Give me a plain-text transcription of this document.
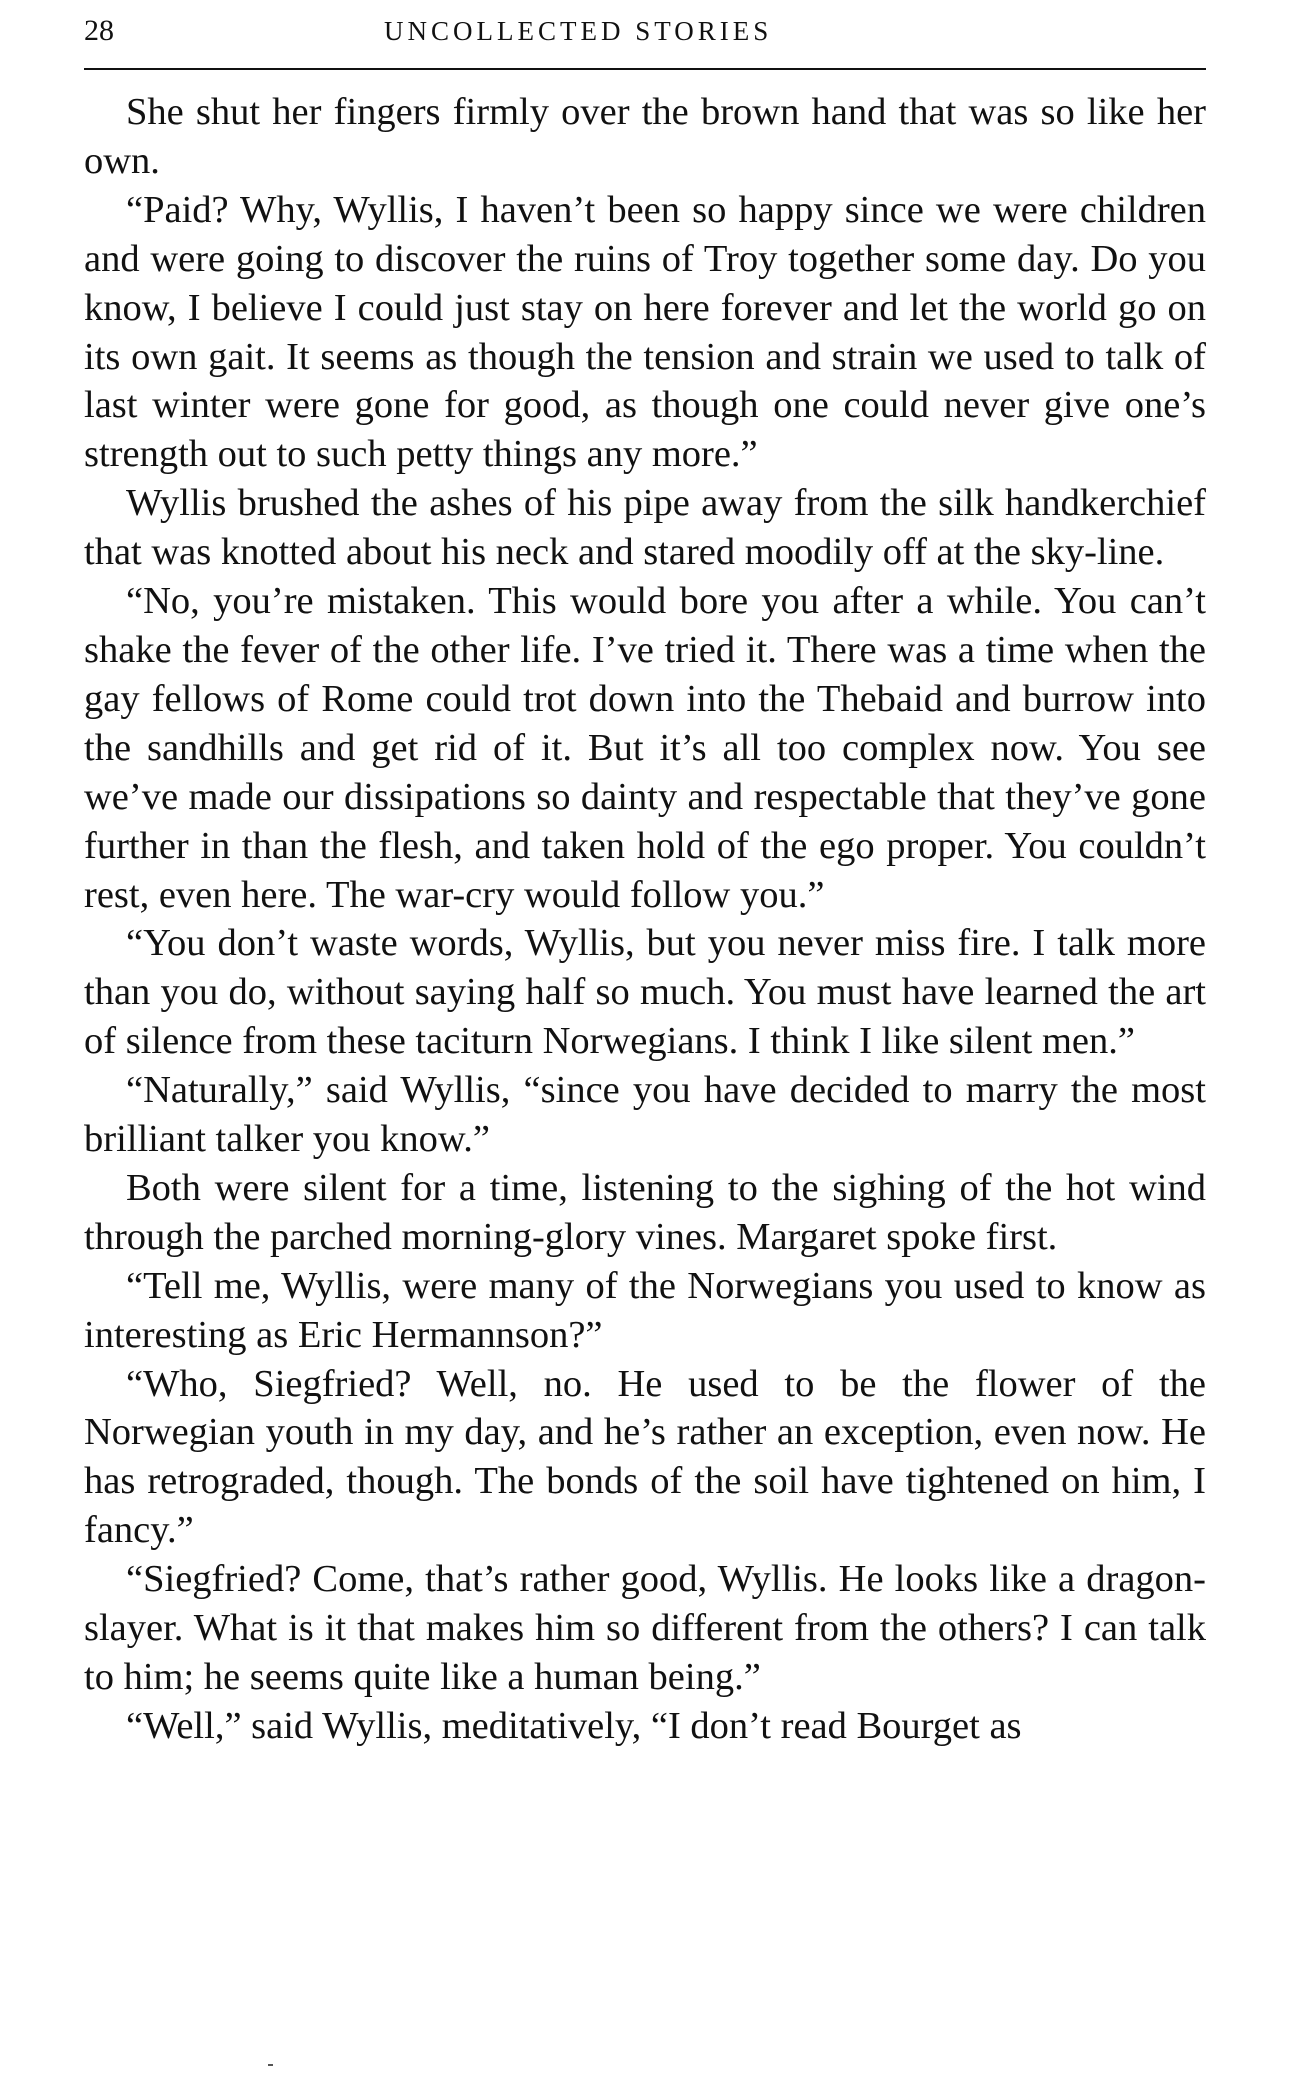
28	UNCOLLECTED STORIES

She shut her fingers firmly over the brown hand that was so like her own.

“Paid? Why, Wyllis, I haven’t been so happy since we were children and were going to discover the ruins of Troy together some day. Do you know, I believe I could just stay on here forever and let the world go on its own gait. It seems as though the tension and strain we used to talk of last winter were gone for good, as though one could never give one’s strength out to such petty things any more.”

Wyllis brushed the ashes of his pipe away from the silk handkerchief that was knotted about his neck and stared moodily off at the sky-line.

“No, you’re mistaken. This would bore you after a while. You can’t shake the fever of the other life. I’ve tried it. There was a time when the gay fellows of Rome could trot down into the Thebaid and burrow into the sandhills and get rid of it. But it’s all too complex now. You see we’ve made our dissipations so dainty and respectable that they’ve gone further in than the flesh, and taken hold of the ego proper. You couldn’t rest, even here. The war-cry would follow you.”

“You don’t waste words, Wyllis, but you never miss fire. I talk more than you do, without saying half so much. You must have learned the art of silence from these taciturn Norwegians. I think I like silent men.”

“Naturally,” said Wyllis, “since you have decided to marry the most brilliant talker you know.”

Both were silent for a time, listening to the sighing of the hot wind through the parched morning-glory vines. Margaret spoke first.

“Tell me, Wyllis, were many of the Norwegians you used to know as interesting as Eric Hermannson?”

“Who, Siegfried? Well, no. He used to be the flower of the Norwegian youth in my day, and he’s rather an exception, even now. He has retrograded, though. The bonds of the soil have tightened on him, I fancy.”

“Siegfried? Come, that’s rather good, Wyllis. He looks like a dragon-slayer. What is it that makes him so different from the others? I can talk to him; he seems quite like a human being.”

“Well,” said Wyllis, meditatively, “I don’t read Bourget as
